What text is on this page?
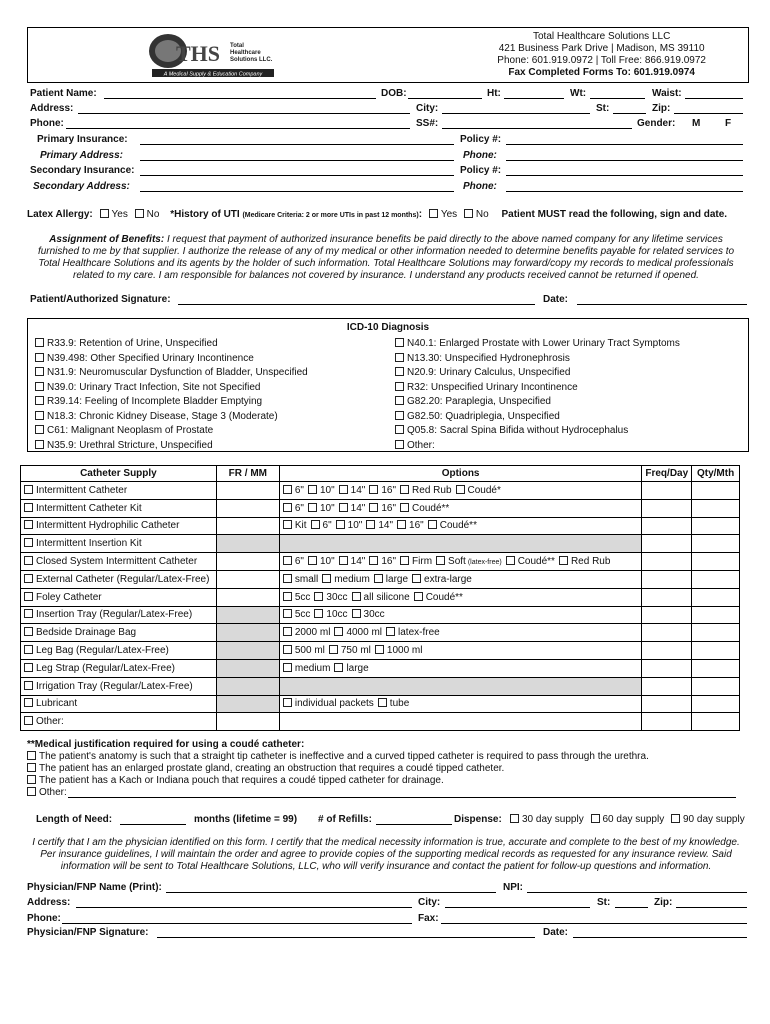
THS Total
Healthcare
Solutions LLC.
A Medical Supply & Education Company
Total Healthcare Solutions LLC
421 Business Park Drive | Madison, MS 39110
Phone: 601.919.0972 | Toll Free: 866.919.0972
Fax Completed Forms To: 601.919.0974
Patient Name:	DOB:	Ht:	Wt:	Waist:
Address:	City:	St:	Zip:
Phone:	SS#:	Gender: M F
Primary Insurance:	Policy #:
Primary Address:	Phone:
Secondary Insurance:	Policy #:
Secondary Address:	Phone:
Latex Allergy: Yes No *History of UTI (Medicare Criteria: 2 or more UTIs in past 12 months): Yes No Patient MUST read the following, sign and date.
Assignment of Benefits: I request that payment of authorized insurance benefits be paid directly to the above named company for any lifetime services furnished to me by that supplier. I authorize the release of any of my medical or other information needed to determine benefits payable for related services to Total Healthcare Solutions and its agents by the holder of such information. Total Healthcare Solutions may forward/copy my records to medical professionals related to my care. I am responsible for balances not covered by insurance. I understand any products received cannot be returned if opened.
Patient/Authorized Signature:	Date:
ICD-10 Diagnosis
R33.9: Retention of Urine, Unspecified
N39.498: Other Specified Urinary Incontinence
N31.9: Neuromuscular Dysfunction of Bladder, Unspecified
N39.0: Urinary Tract Infection, Site not Specified
R39.14: Feeling of Incomplete Bladder Emptying
N18.3: Chronic Kidney Disease, Stage 3 (Moderate)
C61: Malignant Neoplasm of Prostate
N35.9: Urethral Stricture, Unspecified
N40.1: Enlarged Prostate with Lower Urinary Tract Symptoms
N13.30: Unspecified Hydronephrosis
N20.9: Urinary Calculus, Unspecified
R32: Unspecified Urinary Incontinence
G82.20: Paraplegia, Unspecified
G82.50: Quadriplegia, Unspecified
Q05.8: Sacral Spina Bifida without Hydrocephalus
Other:
Catheter Supply	FR / MM	Options	Freq/Day	Qty/Mth
Intermittent Catheter		6" 10" 14" 16" Red Rub Coudé*		
Intermittent Catheter Kit		6" 10" 14" 16" Coudé**		
Intermittent Hydrophilic Catheter		Kit 6" 10" 14" 16" Coudé**		
Intermittent Insertion Kit				
Closed System Intermittent Catheter		6" 10" 14" 16" Firm Soft (latex-free) Coudé** Red Rub		
External Catheter (Regular/Latex-Free)		small medium large extra-large		
Foley Catheter		5cc 30cc all silicone Coudé**		
Insertion Tray (Regular/Latex-Free)		5cc 10cc 30cc		
Bedside Drainage Bag		2000 ml 4000 ml latex-free		
Leg Bag (Regular/Latex-Free)		500 ml 750 ml 1000 ml		
Leg Strap (Regular/Latex-Free)		medium large		
Irrigation Tray (Regular/Latex-Free)				
Lubricant		individual packets tube		
Other:				
**Medical justification required for using a coudé catheter:
The patient's anatomy is such that a straight tip catheter is ineffective and a curved tipped catheter is required to pass through the urethra.
The patient has an enlarged prostate gland, creating an obstruction that requires a coudé tipped catheter.
The patient has a Kach or Indiana pouch that requires a coudé tipped catheter for drainage.
Other:
Length of Need:	months (lifetime = 99) # of Refills:	Dispense:	30 day supply 60 day supply 90 day supply
I certify that I am the physician identified on this form. I certify that the medical necessity information is true, accurate and complete to the best of my knowledge. Per insurance guidelines, I will maintain the order and agree to provide copies of the supporting medical records as requested for any insurance review. Said information will be sent to Total Healthcare Solutions, LLC, who will verify insurance and contact the patient for follow-up questions and information.
Physician/FNP Name (Print):	NPI:
Address:	City:	St:	Zip:
Phone:	Fax:
Physician/FNP Signature:	Date:
